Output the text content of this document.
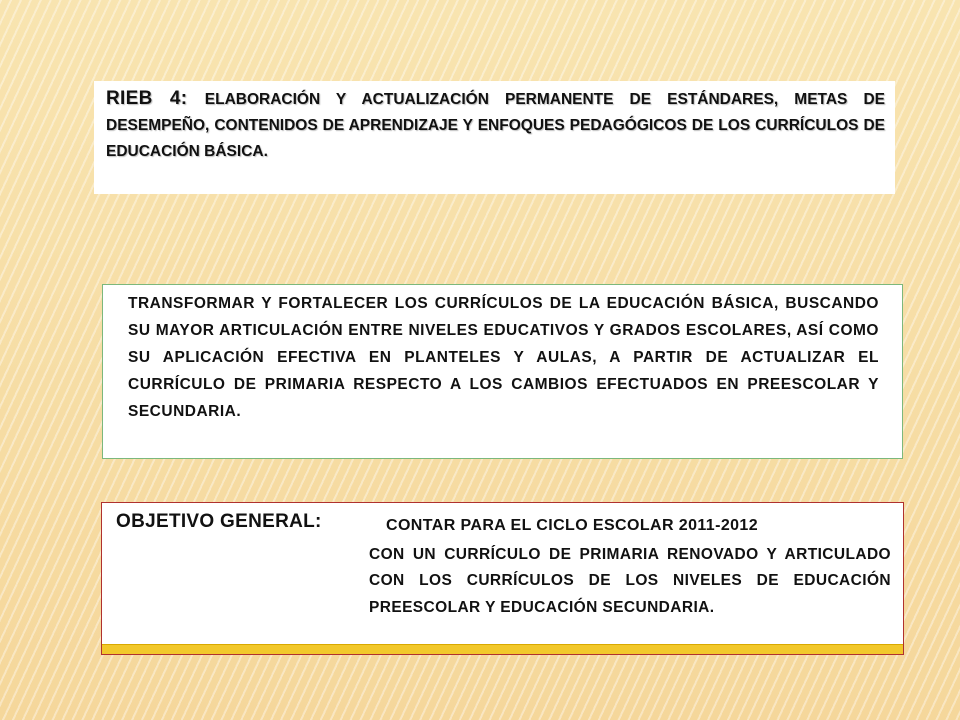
RIEB 4: ELABORACIÓN Y ACTUALIZACIÓN PERMANENTE DE ESTÁNDARES, METAS DE DESEMPEÑO, CONTENIDOS DE APRENDIZAJE Y ENFOQUES PEDAGÓGICOS DE LOS CURRÍCULOS DE EDUCACIÓN BÁSICA.
TRANSFORMAR Y FORTALECER LOS CURRÍCULOS DE LA EDUCACIÓN BÁSICA, BUSCANDO SU MAYOR ARTICULACIÓN ENTRE NIVELES EDUCATIVOS Y GRADOS ESCOLARES, ASÍ COMO SU APLICACIÓN EFECTIVA EN PLANTELES Y AULAS, A PARTIR DE ACTUALIZAR EL CURRÍCULO DE PRIMARIA RESPECTO A LOS CAMBIOS EFECTUADOS EN PREESCOLAR Y SECUNDARIA.
OBJETIVO GENERAL:	CONTAR PARA EL CICLO ESCOLAR 2011-2012
CON UN CURRÍCULO DE PRIMARIA RENOVADO Y ARTICULADO CON LOS CURRÍCULOS DE LOS NIVELES DE EDUCACIÓN PREESCOLAR Y EDUCACIÓN SECUNDARIA.
